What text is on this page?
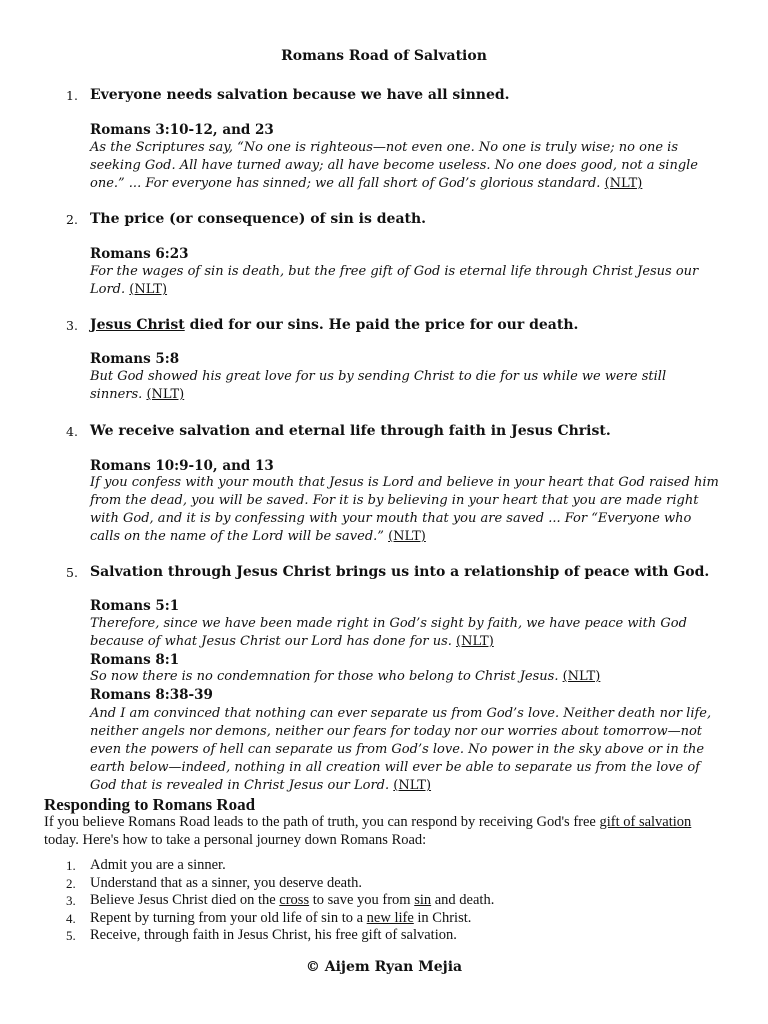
Romans Road of Salvation
1. Everyone needs salvation because we have all sinned.
Romans 3:10-12, and 23
As the Scriptures say, “No one is righteous—not even one. No one is truly wise; no one is seeking God. All have turned away; all have become useless. No one does good, not a single one.” ... For everyone has sinned; we all fall short of God’s glorious standard. (NLT)
2. The price (or consequence) of sin is death.
Romans 6:23
For the wages of sin is death, but the free gift of God is eternal life through Christ Jesus our Lord. (NLT)
3. Jesus Christ died for our sins. He paid the price for our death.
Romans 5:8
But God showed his great love for us by sending Christ to die for us while we were still sinners. (NLT)
4. We receive salvation and eternal life through faith in Jesus Christ.
Romans 10:9-10, and 13
If you confess with your mouth that Jesus is Lord and believe in your heart that God raised him from the dead, you will be saved. For it is by believing in your heart that you are made right with God, and it is by confessing with your mouth that you are saved ... For “Everyone who calls on the name of the Lord will be saved.” (NLT)
5. Salvation through Jesus Christ brings us into a relationship of peace with God.
Romans 5:1
Therefore, since we have been made right in God’s sight by faith, we have peace with God because of what Jesus Christ our Lord has done for us. (NLT)
Romans 8:1
So now there is no condemnation for those who belong to Christ Jesus. (NLT)
Romans 8:38-39
And I am convinced that nothing can ever separate us from God’s love. Neither death nor life, neither angels nor demons, neither our fears for today nor our worries about tomorrow—not even the powers of hell can separate us from God’s love. No power in the sky above or in the earth below—indeed, nothing in all creation will ever be able to separate us from the love of God that is revealed in Christ Jesus our Lord. (NLT)
Responding to Romans Road
If you believe Romans Road leads to the path of truth, you can respond by receiving God's free gift of salvation today. Here's how to take a personal journey down Romans Road:
1. Admit you are a sinner.
2. Understand that as a sinner, you deserve death.
3. Believe Jesus Christ died on the cross to save you from sin and death.
4. Repent by turning from your old life of sin to a new life in Christ.
5. Receive, through faith in Jesus Christ, his free gift of salvation.
© Aijem Ryan Mejia
